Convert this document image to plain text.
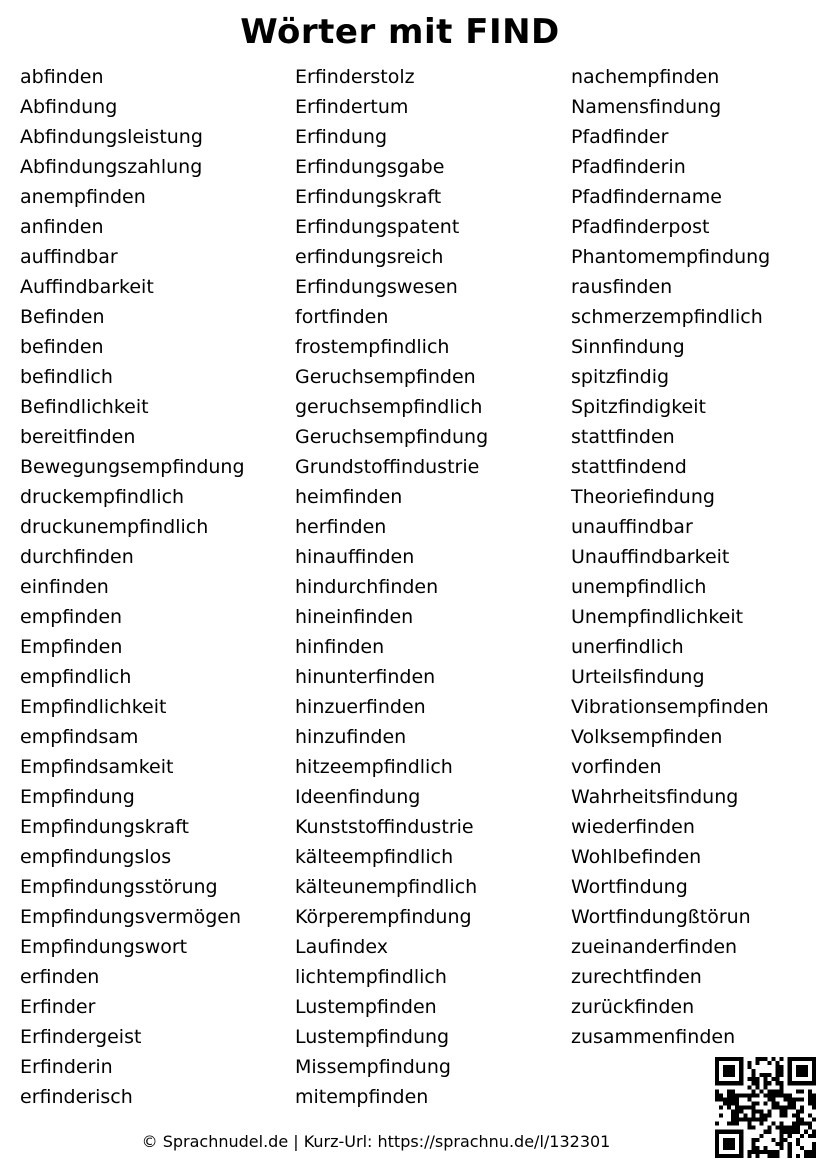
Wörter mit FIND
abfinden
Abfindung
Abfindungsleistung
Abfindungszahlung
anempfinden
anfinden
auffindbar
Auffindbarkeit
Befinden
befinden
befindlich
Befindlichkeit
bereitfinden
Bewegungsempfindung
druckempfindlich
druckunempfindlich
durchfinden
einfinden
empfinden
Empfinden
empfindlich
Empfindlichkeit
empfindsam
Empfindsamkeit
Empfindung
Empfindungskraft
empfindungslos
Empfindungsstörung
Empfindungsvermögen
Empfindungswort
erfinden
Erfinder
Erfindergeist
Erfinderin
erfinderisch
Erfinderstolz
Erfindertum
Erfindung
Erfindungsgabe
Erfindungskraft
Erfindungspatent
erfindungsreich
Erfindungswesen
fortfinden
frostempfindlich
Geruchsempfinden
geruchsempfindlich
Geruchsempfindung
Grundstoffindustrie
heimfinden
herfinden
hinauffinden
hindurchfinden
hineinfinden
hinfinden
hinunterfinden
hinzuerfinden
hinzufinden
hitzeempfindlich
Ideenfindung
Kunststoffindustrie
kälteempfindlich
kälteunempfindlich
Körperempfindung
Laufindex
lichtempfindlich
Lustempfinden
Lustempfindung
Missempfindung
mitempfinden
nachempfinden
Namensfindung
Pfadfinder
Pfadfinderin
Pfadfindername
Pfadfinderpost
Phantomempfindung
rausfinden
schmerzempfindlich
Sinnfindung
spitzfindig
Spitzfindigkeit
stattfinden
stattfindend
Theoriefindung
unauffindbar
Unauffindbarkeit
unempfindlich
Unempfindlichkeit
unerfindlich
Urteilsfindung
Vibrationsempfinden
Volksempfinden
vorfinden
Wahrheitsfindung
wiederfinden
Wohlbefinden
Wortfindung
Wortfindungßtörun
zueinanderfinden
zurechtfinden
zurückfinden
zusammenfinden
© Sprachnudel.de | Kurz-Url: https://sprachnu.de/l/132301
